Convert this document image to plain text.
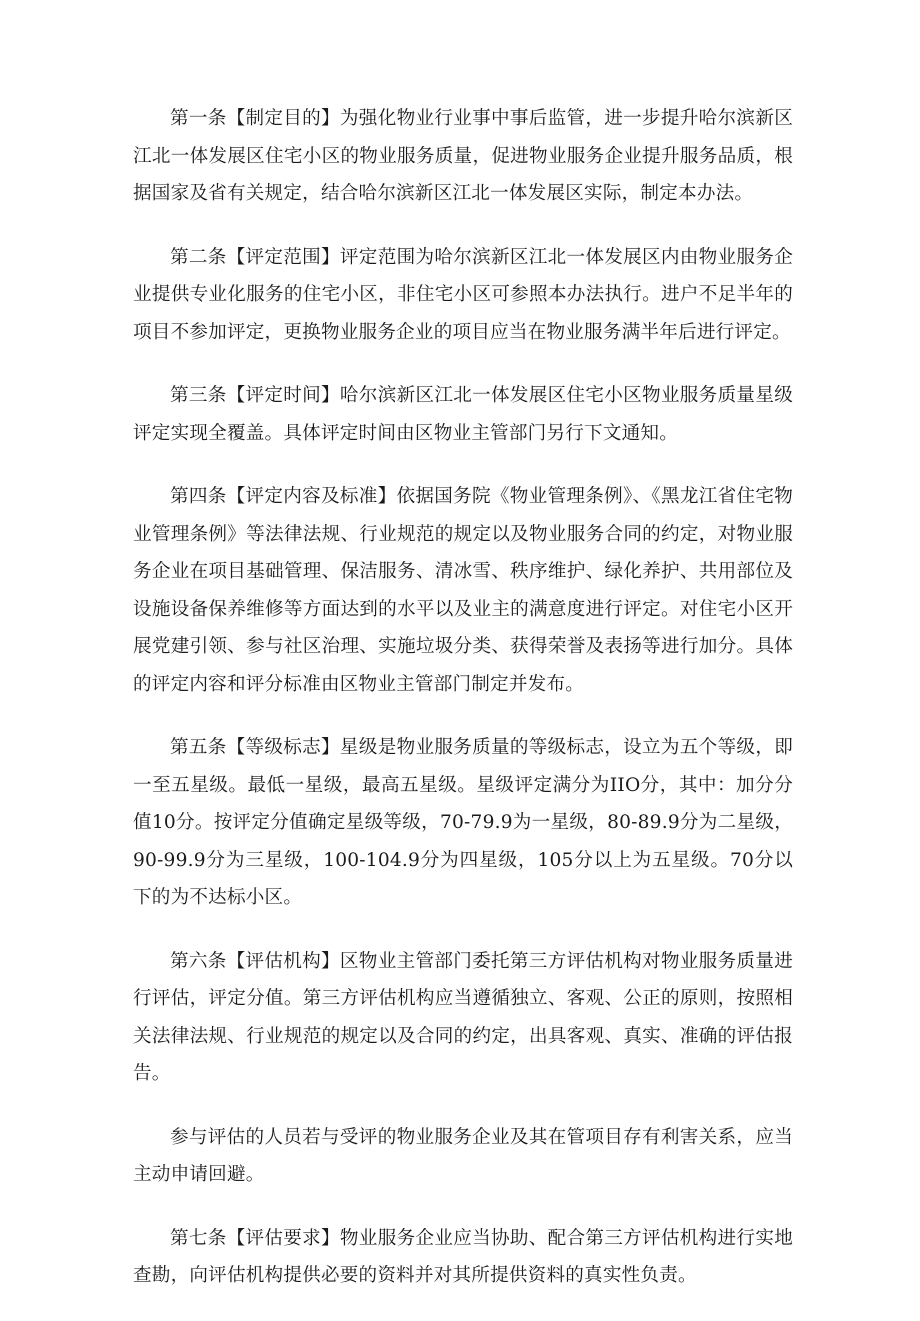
第一条【制定目的】为强化物业行业事中事后监管，进一步提升哈尔滨新区江北一体发展区住宅小区的物业服务质量，促进物业服务企业提升服务品质，根据国家及省有关规定，结合哈尔滨新区江北一体发展区实际，制定本办法。

第二条【评定范围】评定范围为哈尔滨新区江北一体发展区内由物业服务企业提供专业化服务的住宅小区，非住宅小区可参照本办法执行。进户不足半年的项目不参加评定，更换物业服务企业的项目应当在物业服务满半年后进行评定。

第三条【评定时间】哈尔滨新区江北一体发展区住宅小区物业服务质量星级评定实现全覆盖。具体评定时间由区物业主管部门另行下文通知。

第四条【评定内容及标准】依据国务院《物业管理条例》、《黑龙江省住宅物业管理条例》等法律法规、行业规范的规定以及物业服务合同的约定，对物业服务企业在项目基础管理、保洁服务、清冰雪、秩序维护、绿化养护、共用部位及设施设备保养维修等方面达到的水平以及业主的满意度进行评定。对住宅小区开展党建引领、参与社区治理、实施垃圾分类、获得荣誉及表扬等进行加分。具体的评定内容和评分标准由区物业主管部门制定并发布。

第五条【等级标志】星级是物业服务质量的等级标志，设立为五个等级，即一至五星级。最低一星级，最高五星级。星级评定满分为IIO分，其中：加分分值10分。按评定分值确定星级等级，70-79.9为一星级，80-89.9分为二星级，90-99.9分为三星级，100-104.9分为四星级，105分以上为五星级。70分以下的为不达标小区。

第六条【评估机构】区物业主管部门委托第三方评估机构对物业服务质量进行评估，评定分值。第三方评估机构应当遵循独立、客观、公正的原则，按照相关法律法规、行业规范的规定以及合同的约定，出具客观、真实、准确的评估报告。

参与评估的人员若与受评的物业服务企业及其在管项目存有利害关系，应当主动申请回避。

第七条【评估要求】物业服务企业应当协助、配合第三方评估机构进行实地查勘，向评估机构提供必要的资料并对其所提供资料的真实性负责。
